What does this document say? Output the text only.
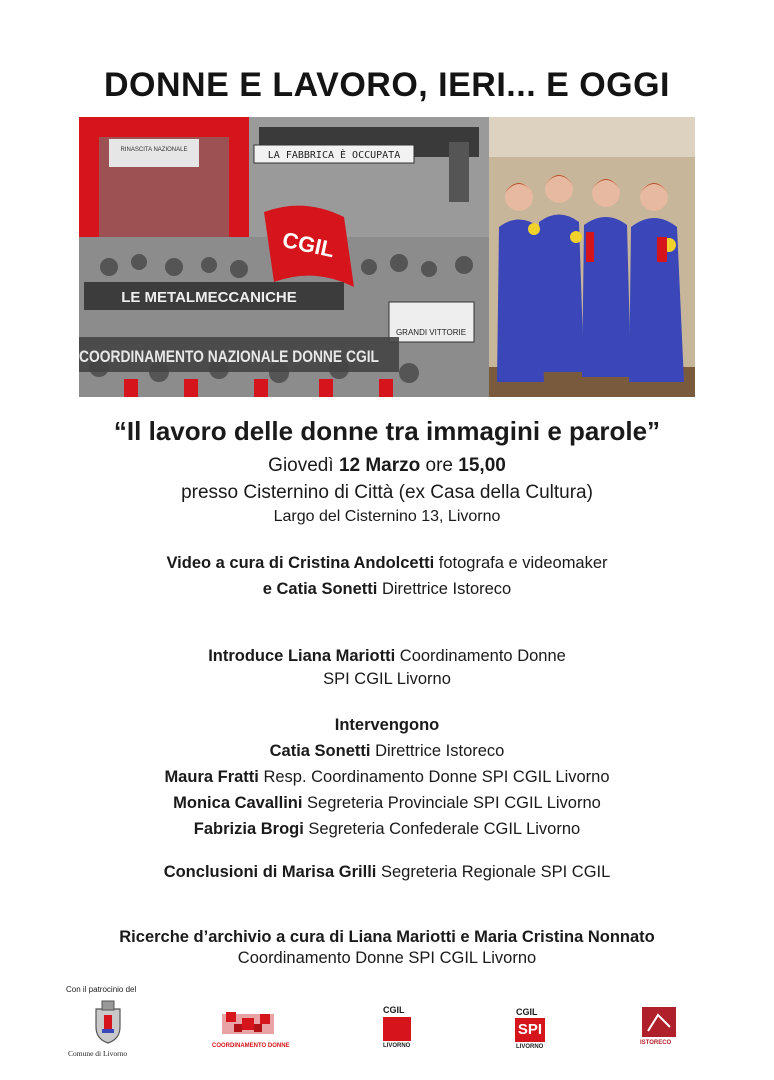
DONNE E LAVORO, IERI... E OGGI
LA FABBRICA È OCCUPATA
RINASCITA NAZIONALE
CGIL
LE METALMECCANICHE
GRANDI VITTORIE
COORDINAMENTO NAZIONALE DONNE CGIL
“Il lavoro delle donne tra immagini e parole”
Giovedì 12 Marzo ore 15,00
presso Cisternino di Città (ex Casa della Cultura)
Largo del Cisternino 13, Livorno
Video a cura di Cristina Andolcetti fotografa e videomaker
e Catia Sonetti Direttrice Istoreco
Introduce Liana Mariotti Coordinamento Donne
SPI CGIL Livorno
Intervengono
Catia Sonetti Direttrice Istoreco
Maura Fratti Resp. Coordinamento Donne SPI CGIL Livorno
Monica Cavallini Segreteria Provinciale SPI CGIL Livorno
Fabrizia Brogi Segreteria Confederale CGIL Livorno
Conclusioni di Marisa Grilli Segreteria Regionale SPI CGIL
Ricerche d’archivio a cura di Liana Mariotti e Maria Cristina Nonnato
Coordinamento Donne SPI CGIL Livorno
Con il patrocinio del
Comune di Livorno
COORDINAMENTO DONNE
CGIL
LIVORNO
CGIL
SPI
LIVORNO
ISTORECO
